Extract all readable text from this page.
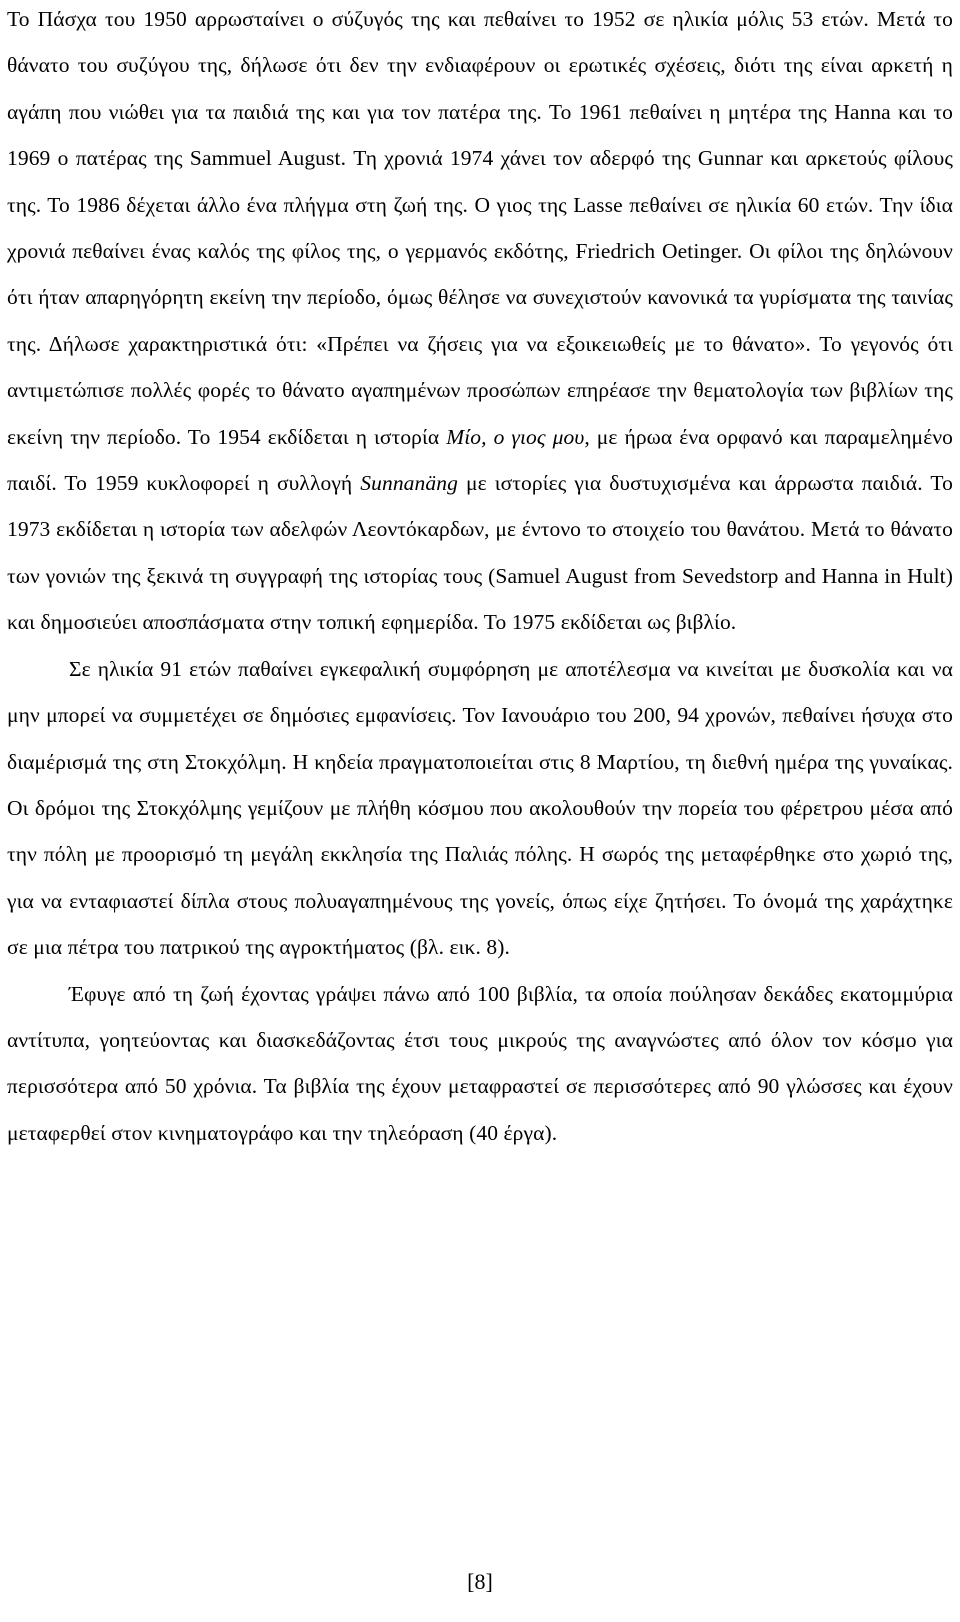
Το Πάσχα του 1950 αρρωσταίνει ο σύζυγός της και πεθαίνει το 1952 σε ηλικία μόλις 53 ετών. Μετά το θάνατο του συζύγου της, δήλωσε ότι δεν την ενδιαφέρουν οι ερωτικές σχέσεις, διότι της είναι αρκετή η αγάπη που νιώθει για τα παιδιά της και για τον πατέρα της. Το 1961 πεθαίνει η μητέρα της Hanna και το 1969 ο πατέρας της Sammuel August. Τη χρονιά 1974 χάνει τον αδερφό της Gunnar και αρκετούς φίλους της. Το 1986 δέχεται άλλο ένα πλήγμα στη ζωή της. Ο γιος της Lasse πεθαίνει σε ηλικία 60 ετών. Την ίδια χρονιά πεθαίνει ένας καλός της φίλος της, ο γερμανός εκδότης, Friedrich Oetinger. Οι φίλοι της δηλώνουν ότι ήταν απαρηγόρητη εκείνη την περίοδο, όμως θέλησε να συνεχιστούν κανονικά τα γυρίσματα της ταινίας της. Δήλωσε χαρακτηριστικά ότι: «Πρέπει να ζήσεις για να εξοικειωθείς με το θάνατο». Το γεγονός ότι αντιμετώπισε πολλές φορές το θάνατο αγαπημένων προσώπων επηρέασε την θεματολογία των βιβλίων της εκείνη την περίοδο. Το 1954 εκδίδεται η ιστορία Μίο, ο γιος μου, με ήρωα ένα ορφανό και παραμελημένο παιδί. Το 1959 κυκλοφορεί η συλλογή Sunnanäng με ιστορίες για δυστυχισμένα και άρρωστα παιδιά. Το 1973 εκδίδεται η ιστορία των αδελφών Λεοντόκαρδων, με έντονο το στοιχείο του θανάτου. Μετά το θάνατο των γονιών της ξεκινά τη συγγραφή της ιστορίας τους (Samuel August from Sevedstorp and Hanna in Hult) και δημοσιεύει αποσπάσματα στην τοπική εφημερίδα. Το 1975 εκδίδεται ως βιβλίο.

Σε ηλικία 91 ετών παθαίνει εγκεφαλική συμφόρηση με αποτέλεσμα να κινείται με δυσκολία και να μην μπορεί να συμμετέχει σε δημόσιες εμφανίσεις. Τον Ιανουάριο του 200, 94 χρονών, πεθαίνει ήσυχα στο διαμέρισμά της στη Στοκχόλμη. Η κηδεία πραγματοποιείται στις 8 Μαρτίου, τη διεθνή ημέρα της γυναίκας. Οι δρόμοι της Στοκχόλμης γεμίζουν με πλήθη κόσμου που ακολουθούν την πορεία του φέρετρου μέσα από την πόλη με προορισμό τη μεγάλη εκκλησία της Παλιάς πόλης. Η σωρός της μεταφέρθηκε στο χωριό της, για να ενταφιαστεί δίπλα στους πολυαγαπημένους της γονείς, όπως είχε ζητήσει. Το όνομά της χαράχτηκε σε μια πέτρα του πατρικού της αγροκτήματος (βλ. εικ. 8).

Έφυγε από τη ζωή έχοντας γράψει πάνω από 100 βιβλία, τα οποία πούλησαν δεκάδες εκατομμύρια αντίτυπα, γοητεύοντας και διασκεδάζοντας έτσι τους μικρούς της αναγνώστες από όλον τον κόσμο για περισσότερα από 50 χρόνια. Τα βιβλία της έχουν μεταφραστεί σε περισσότερες από 90 γλώσσες και έχουν μεταφερθεί στον κινηματογράφο και την τηλεόραση (40 έργα).

[8]
